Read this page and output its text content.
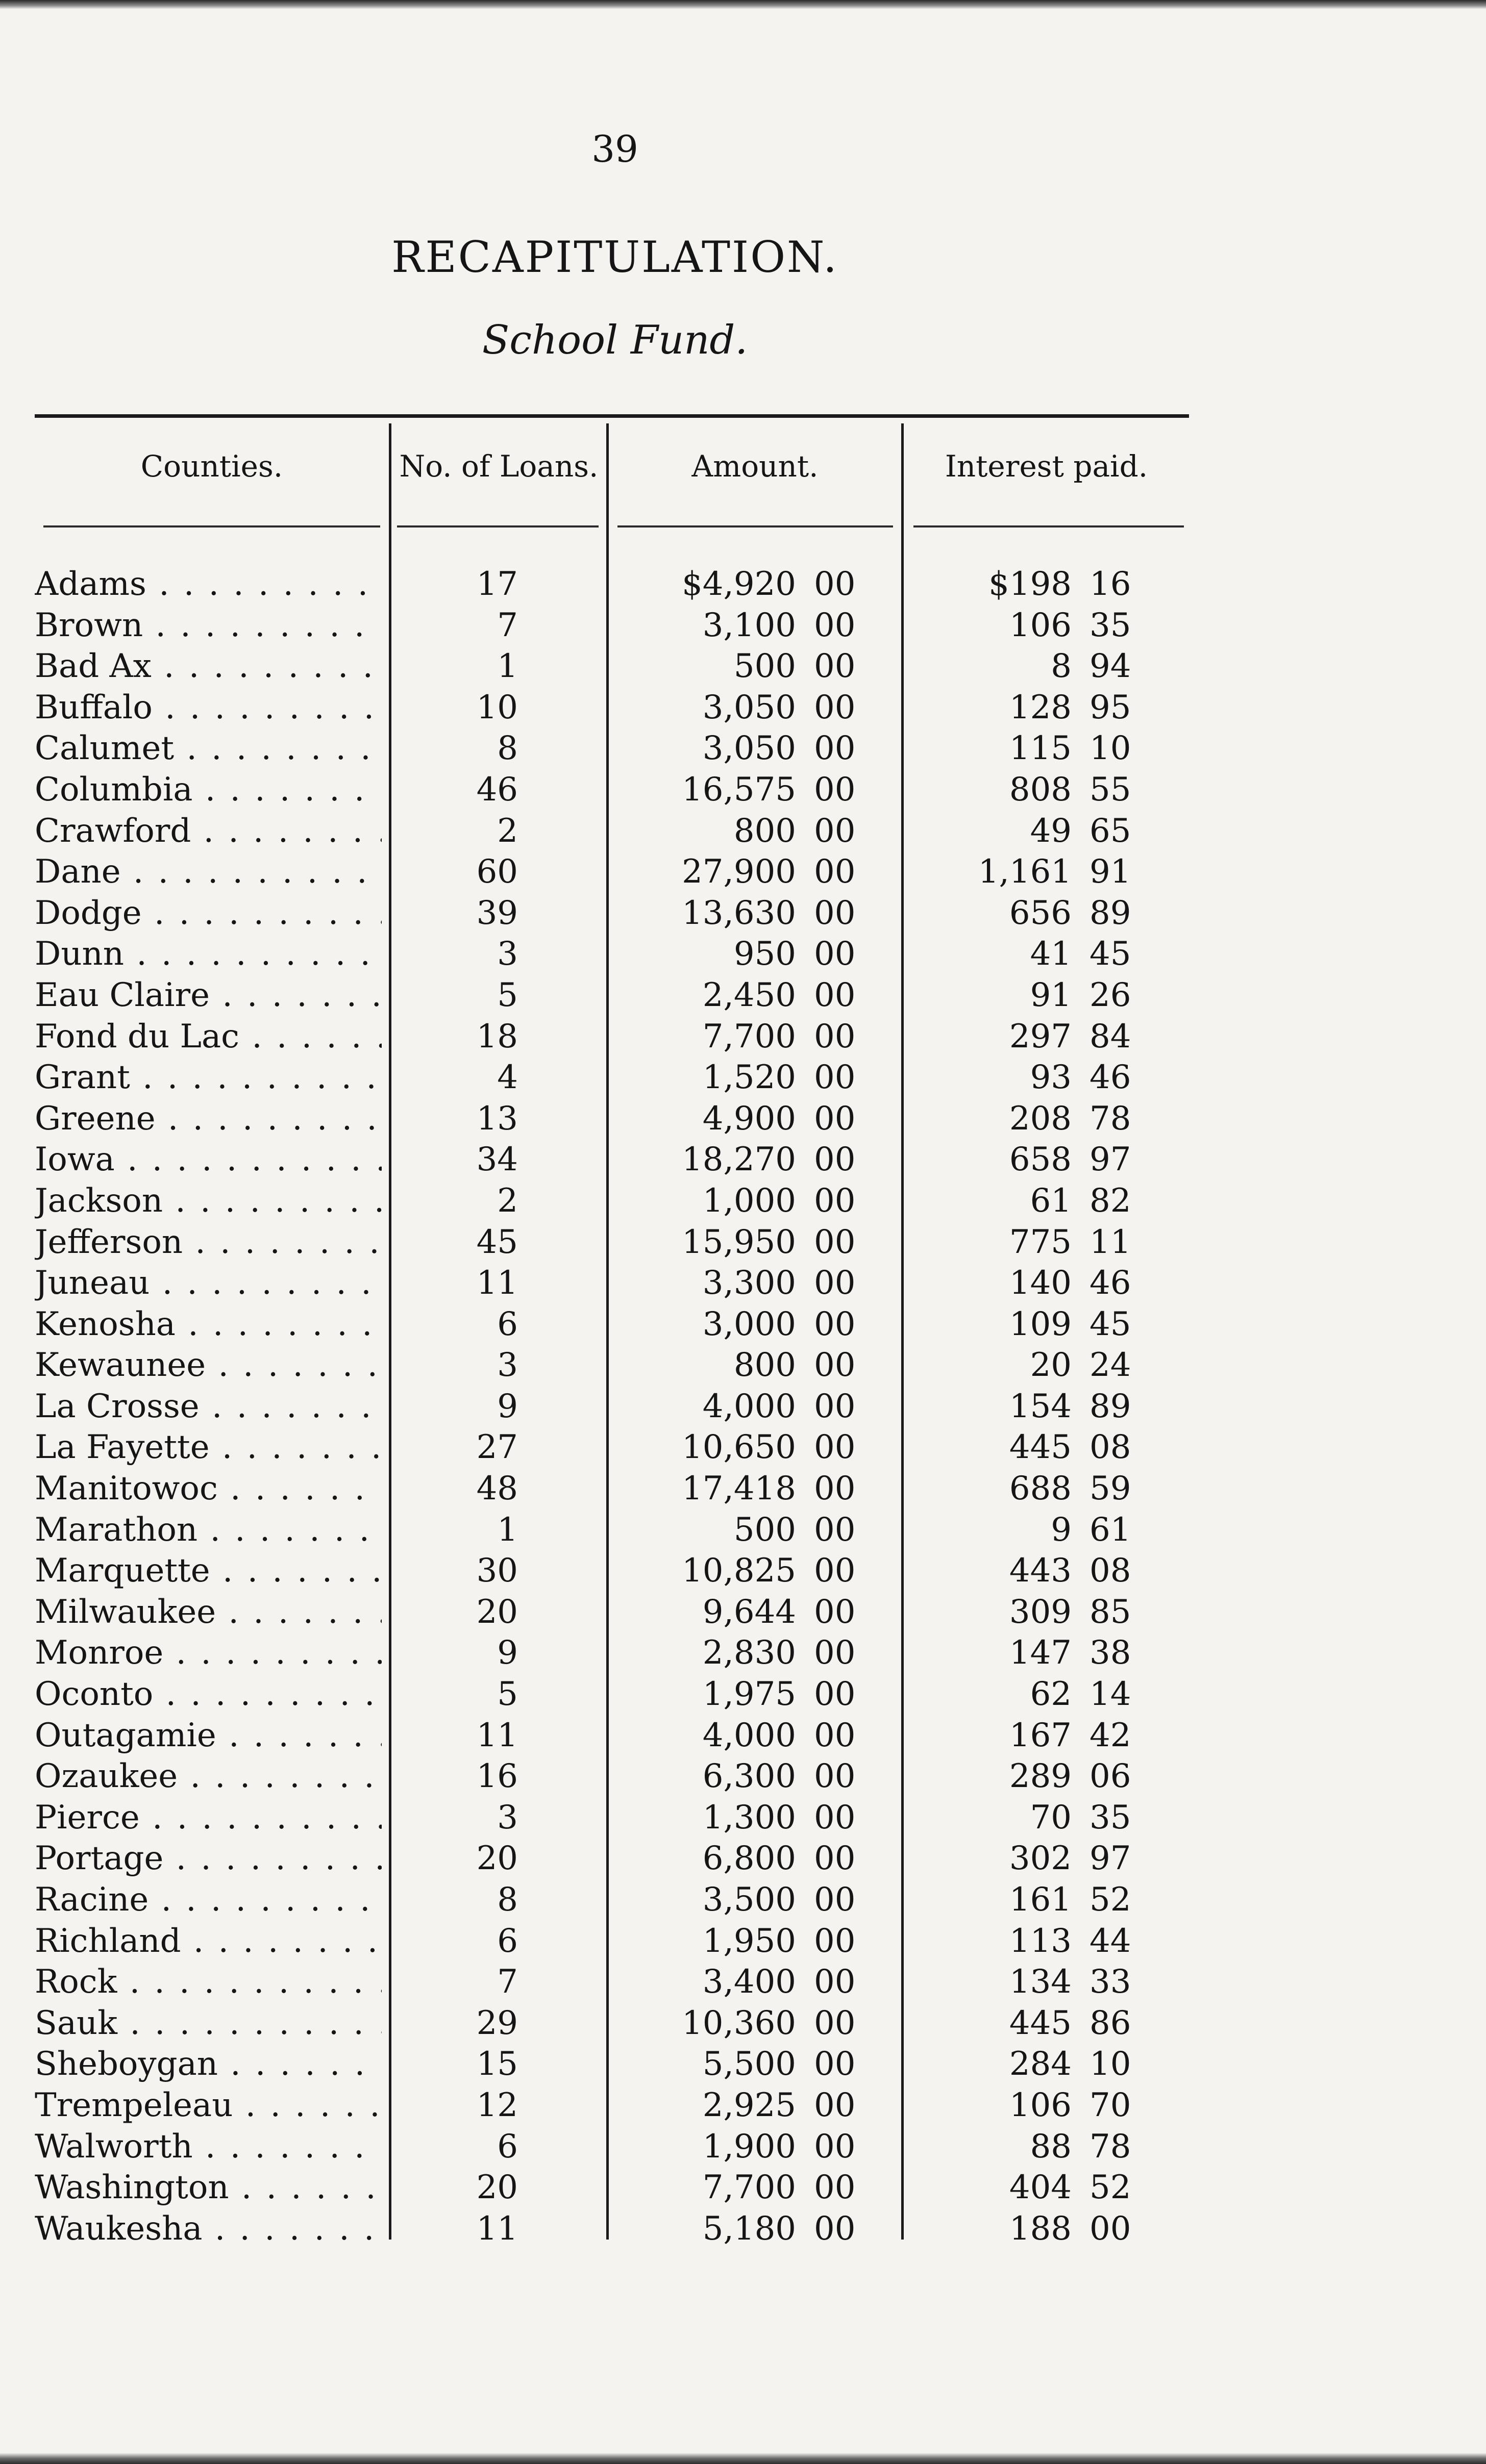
39
RECAPITULATION.
School Fund.
Counties.	No. of Loans.	Amount.	Interest paid.
Adams . . .	17	$4,920 00	$198 16
Brown . . .	7	3,100 00	106 35
Bad Ax . . .	1	500 00	8 94
Buffalo . . .	10	3,050 00	128 95
Calumet . . .	8	3,050 00	115 10
Columbia . . .	46	16,575 00	808 55
Crawford . . .	2	800 00	49 65
Dane . . .	60	27,900 00	1,161 91
Dodge . . .	39	13,630 00	656 89
Dunn . . .	3	950 00	41 45
Eau Claire . . .	5	2,450 00	91 26
Fond du Lac . . .	18	7,700 00	297 84
Grant . . .	4	1,520 00	93 46
Greene . . .	13	4,900 00	208 78
Iowa . . .	34	18,270 00	658 97
Jackson . . .	2	1,000 00	61 82
Jefferson . . .	45	15,950 00	775 11
Juneau . . .	11	3,300 00	140 46
Kenosha . . .	6	3,000 00	109 45
Kewaunee . . .	3	800 00	20 24
La Crosse . . .	9	4,000 00	154 89
La Fayette . . .	27	10,650 00	445 08
Manitowoc . . .	48	17,418 00	688 59
Marathon . . .	1	500 00	9 61
Marquette . . .	30	10,825 00	443 08
Milwaukee . . .	20	9,644 00	309 85
Monroe . . .	9	2,830 00	147 38
Oconto . . .	5	1,975 00	62 14
Outagamie . . .	11	4,000 00	167 42
Ozaukee . . .	16	6,300 00	289 06
Pierce . . .	3	1,300 00	70 35
Portage . . .	20	6,800 00	302 97
Racine . . .	8	3,500 00	161 52
Richland . . .	6	1,950 00	113 44
Rock . . .	7	3,400 00	134 33
Sauk . . .	29	10,360 00	445 86
Sheboygan . . .	15	5,500 00	284 10
Trempeleau . . .	12	2,925 00	106 70
Walworth . . .	6	1,900 00	88 78
Washington . . .	20	7,700 00	404 52
Waukesha . . .	11	5,180 00	188 00
